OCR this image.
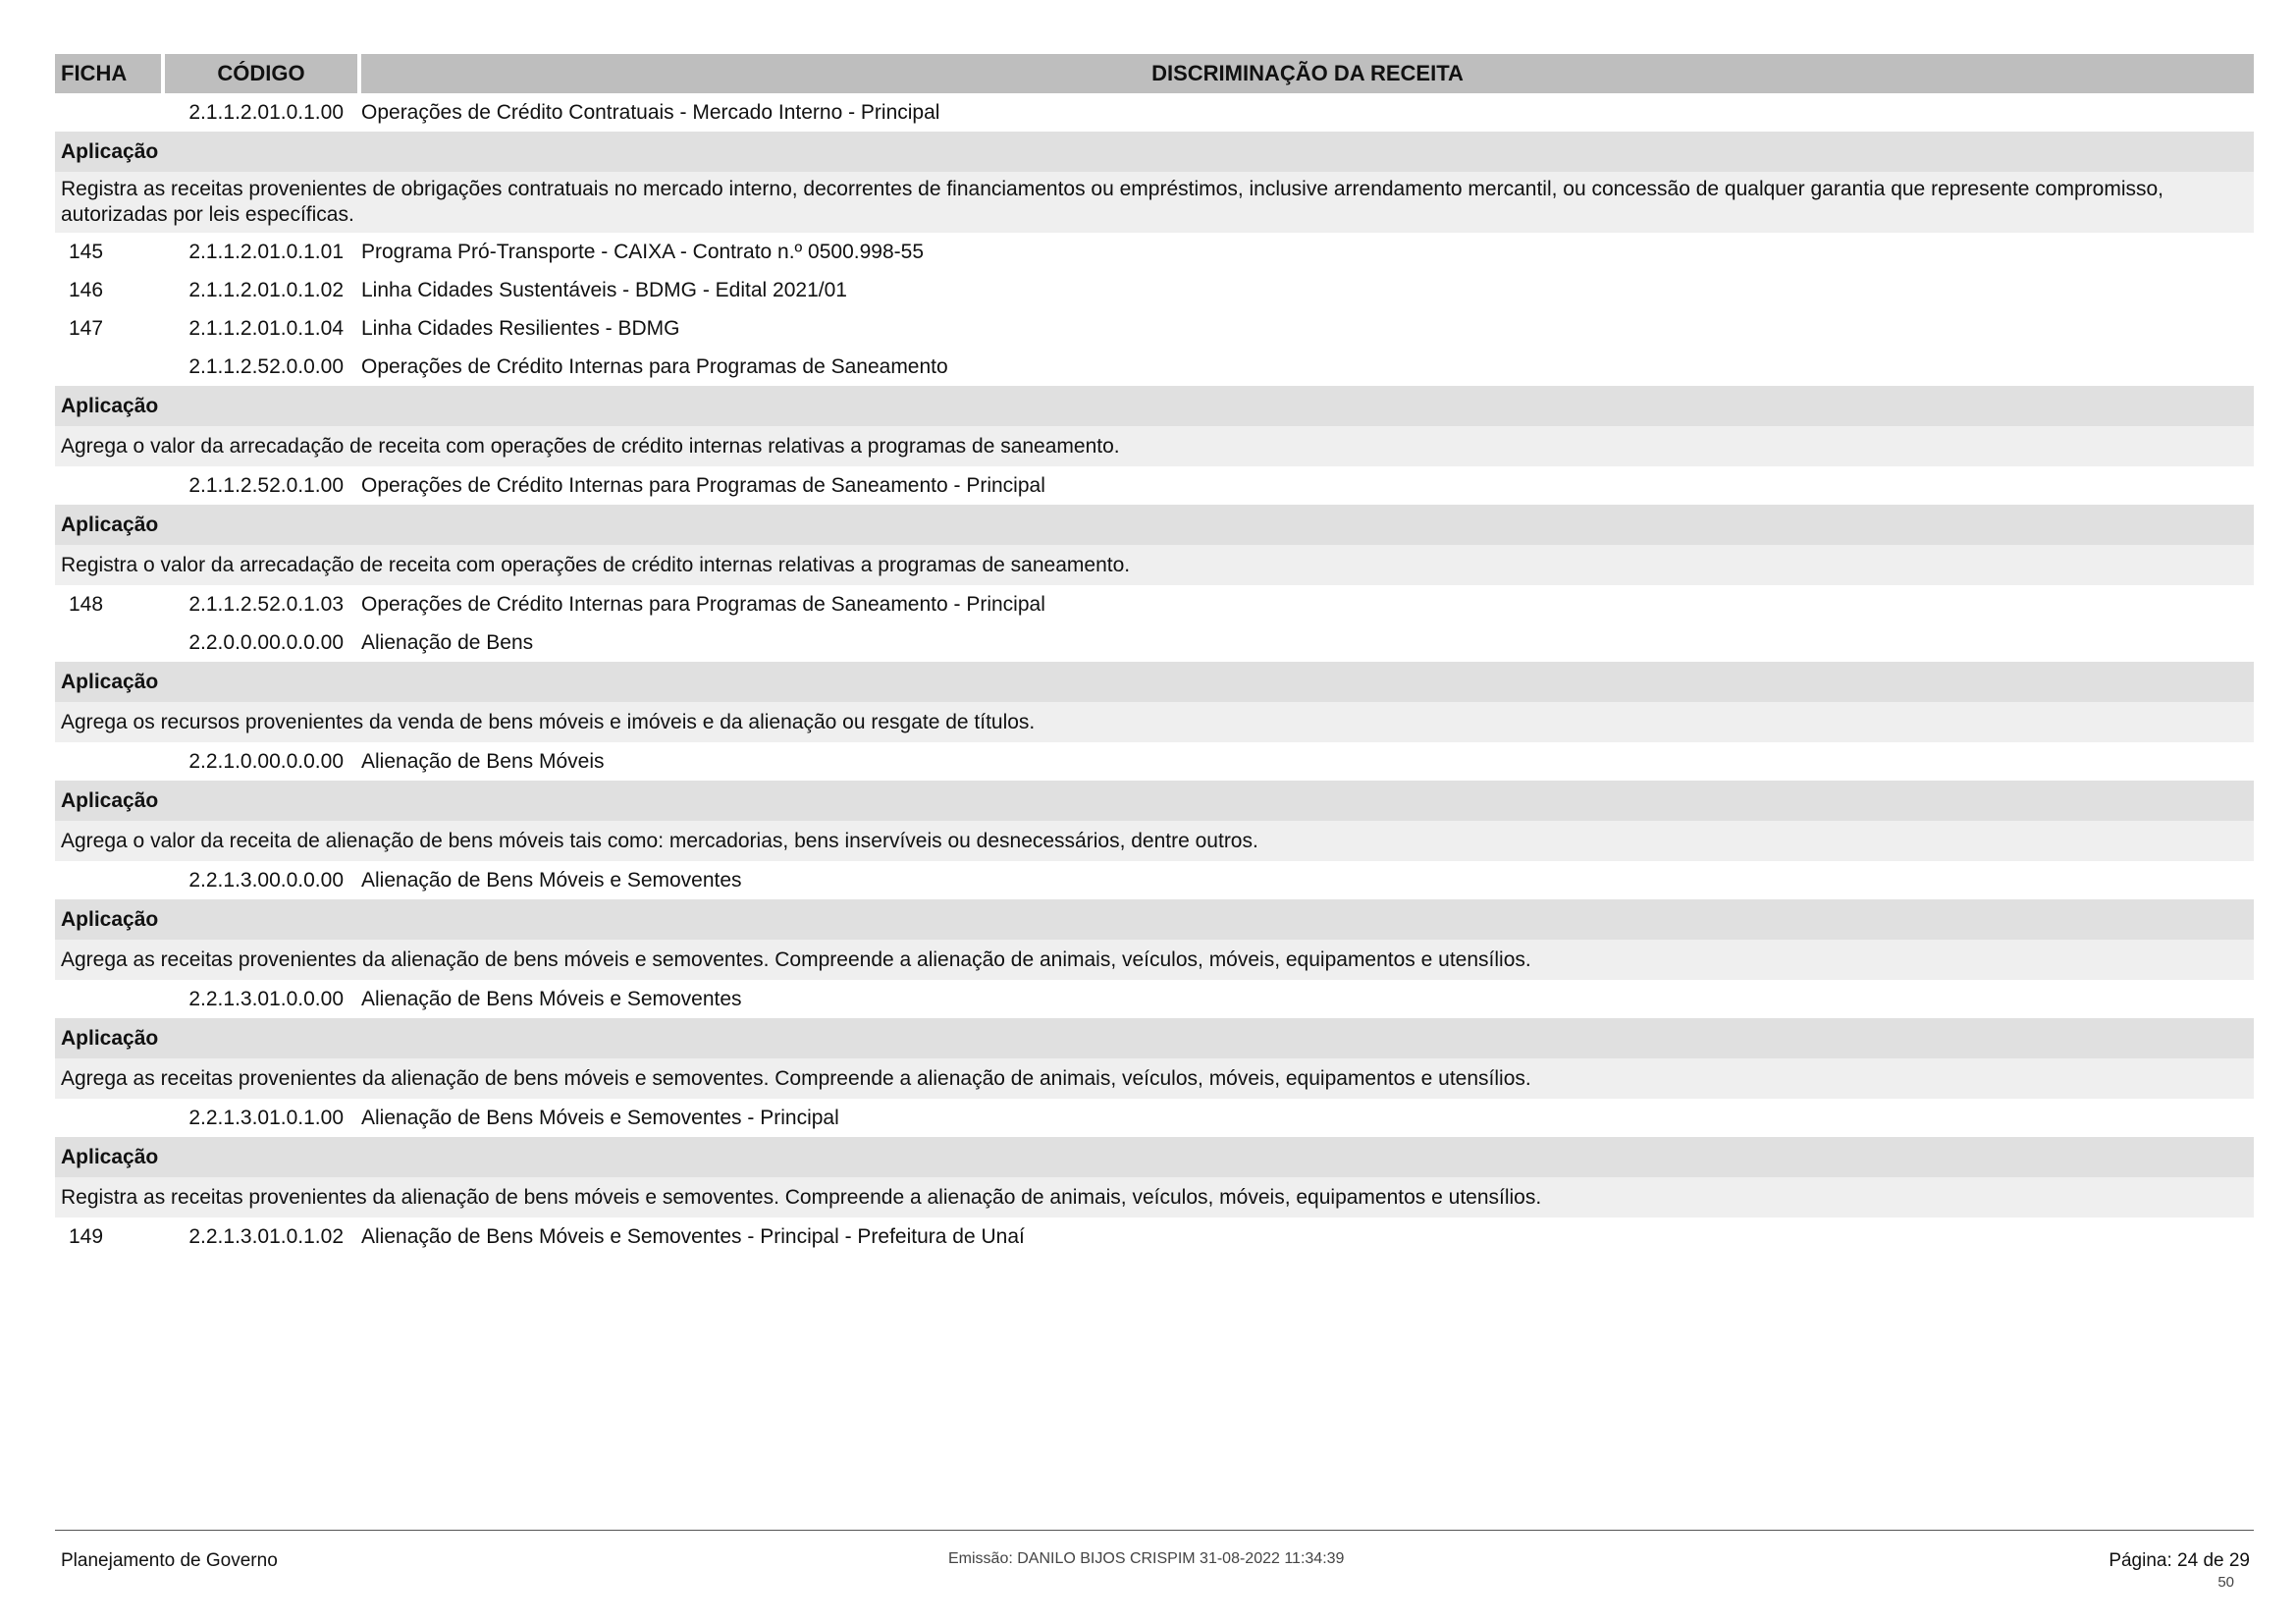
FICHA	CÓDIGO	DISCRIMINAÇÃO DA RECEITA
2.1.1.2.01.0.1.00 Operações de Crédito Contratuais - Mercado Interno - Principal
Aplicação
Registra as receitas provenientes de obrigações contratuais no mercado interno, decorrentes de financiamentos ou empréstimos, inclusive arrendamento mercantil, ou concessão de qualquer garantia que represente compromisso, autorizadas por leis específicas.
145	2.1.1.2.01.0.1.01 Programa Pró-Transporte - CAIXA - Contrato n.º 0500.998-55
146	2.1.1.2.01.0.1.02 Linha Cidades Sustentáveis - BDMG - Edital 2021/01
147	2.1.1.2.01.0.1.04 Linha Cidades Resilientes - BDMG
2.1.1.2.52.0.0.00 Operações de Crédito Internas para Programas de Saneamento
Aplicação
Agrega o valor da arrecadação de receita com operações de crédito internas relativas a programas de saneamento.
2.1.1.2.52.0.1.00 Operações de Crédito Internas para Programas de Saneamento - Principal
Aplicação
Registra o valor da arrecadação de receita com operações de crédito internas relativas a programas de saneamento.
148	2.1.1.2.52.0.1.03 Operações de Crédito Internas para Programas de Saneamento - Principal
2.2.0.0.00.0.0.00 Alienação de Bens
Aplicação
Agrega os recursos provenientes da venda de bens móveis e imóveis e da alienação ou resgate de títulos.
2.2.1.0.00.0.0.00 Alienação de Bens Móveis
Aplicação
Agrega o valor da receita de alienação de bens móveis tais como: mercadorias, bens inservíveis ou desnecessários, dentre outros.
2.2.1.3.00.0.0.00 Alienação de Bens Móveis e Semoventes
Aplicação
Agrega as receitas provenientes da alienação de bens móveis e semoventes. Compreende a alienação de animais, veículos, móveis, equipamentos e utensílios.
2.2.1.3.01.0.0.00 Alienação de Bens Móveis e Semoventes
Aplicação
Agrega as receitas provenientes da alienação de bens móveis e semoventes. Compreende a alienação de animais, veículos, móveis, equipamentos e utensílios.
2.2.1.3.01.0.1.00 Alienação de Bens Móveis e Semoventes - Principal
Aplicação
Registra as receitas provenientes da alienação de bens móveis e semoventes. Compreende a alienação de animais, veículos, móveis, equipamentos e utensílios.
149	2.2.1.3.01.0.1.02 Alienação de Bens Móveis e Semoventes - Principal - Prefeitura de Unaí
Planejamento de Governo	Emissão: DANILO BIJOS CRISPIM 31-08-2022 11:34:39	Página: 24 de 29
50
